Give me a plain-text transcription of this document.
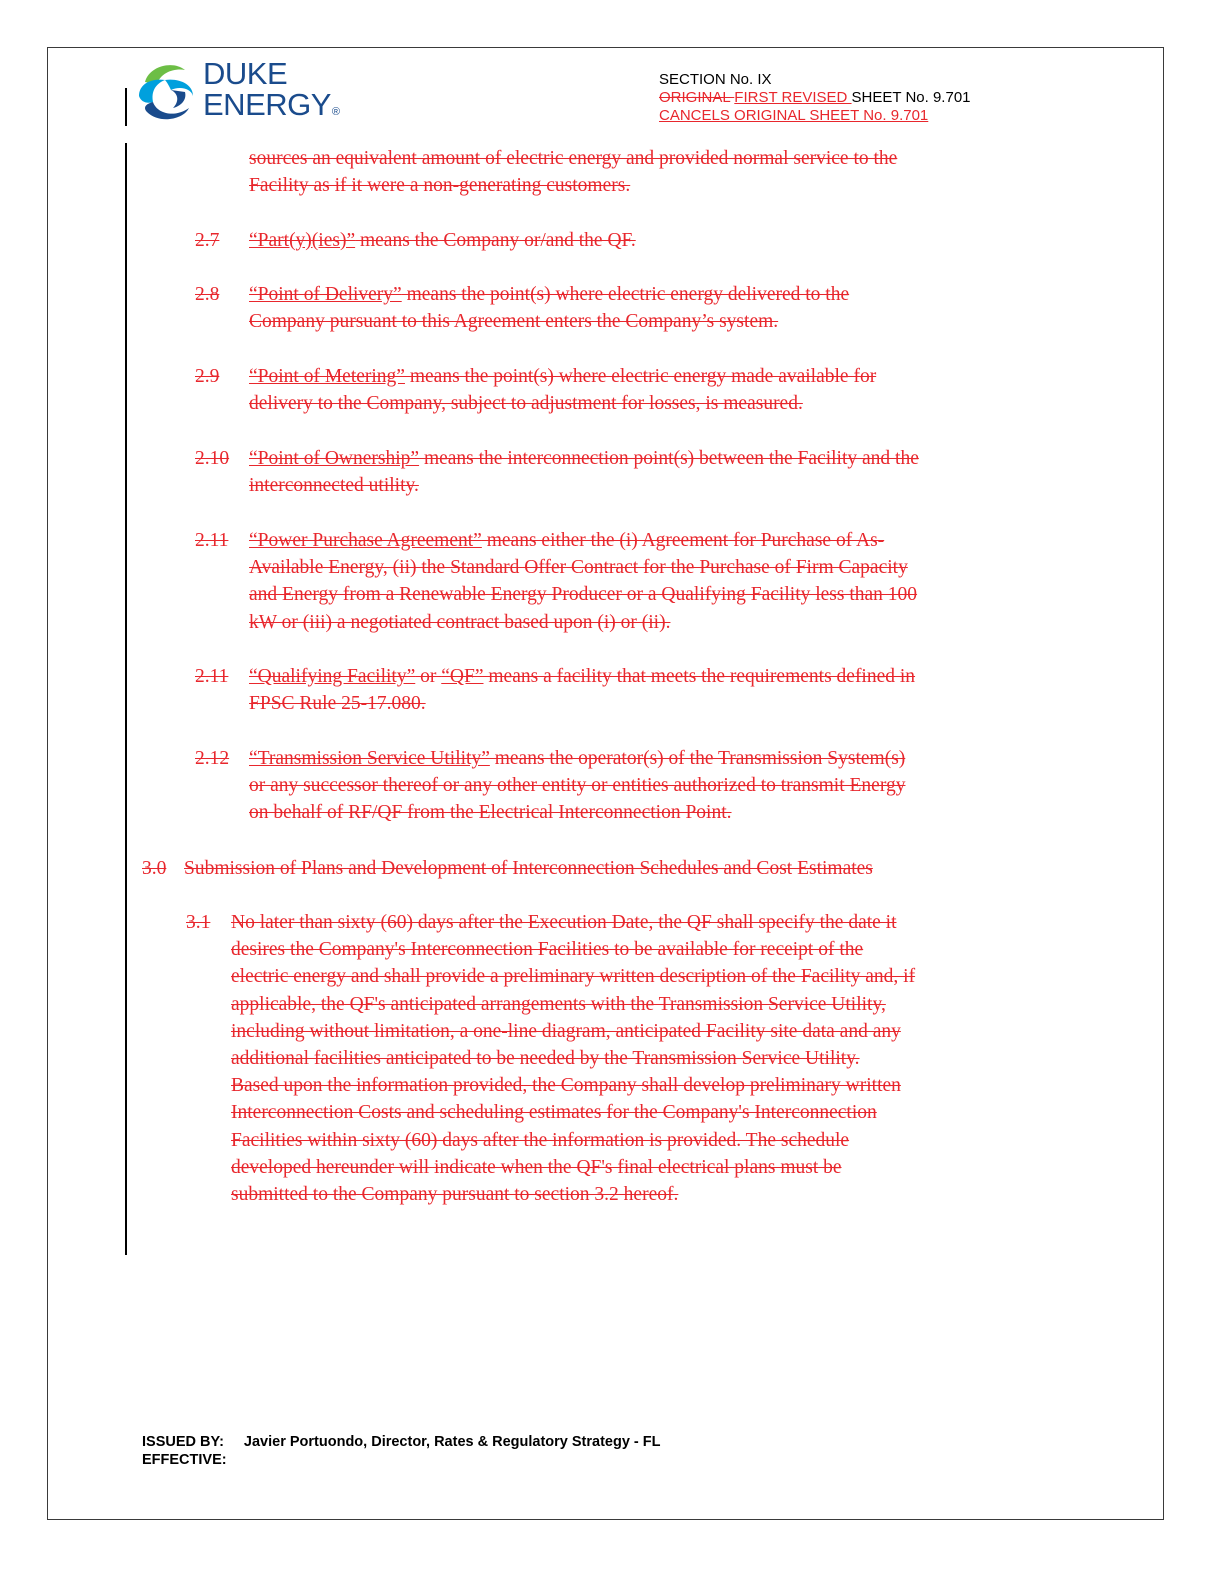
DUKE
ENERGY®
SECTION No. IX
ORIGINAL FIRST REVISED SHEET No. 9.701
CANCELS ORIGINAL SHEET No. 9.701
sources an equivalent amount of electric energy and provided normal service to the
Facility as if it were a non-generating customers.
2.7 “Part(y)(ies)” means the Company or/and the QF.
2.8 “Point of Delivery” means the point(s) where electric energy delivered to the
Company pursuant to this Agreement enters the Company’s system.
2.9 “Point of Metering” means the point(s) where electric energy made available for
delivery to the Company, subject to adjustment for losses, is measured.
2.10 “Point of Ownership” means the interconnection point(s) between the Facility and the
interconnected utility.
2.11 “Power Purchase Agreement” means either the (i) Agreement for Purchase of As-
Available Energy, (ii) the Standard Offer Contract for the Purchase of Firm Capacity
and Energy from a Renewable Energy Producer or a Qualifying Facility less than 100
kW or (iii) a negotiated contract based upon (i) or (ii).
2.11 “Qualifying Facility” or “QF” means a facility that meets the requirements defined in
FPSC Rule 25-17.080.
2.12 “Transmission Service Utility” means the operator(s) of the Transmission System(s)
or any successor thereof or any other entity or entities authorized to transmit Energy
on behalf of RF/QF from the Electrical Interconnection Point.
3.0 Submission of Plans and Development of Interconnection Schedules and Cost Estimates
3.1 No later than sixty (60) days after the Execution Date, the QF shall specify the date it
desires the Company's Interconnection Facilities to be available for receipt of the
electric energy and shall provide a preliminary written description of the Facility and, if
applicable, the QF's anticipated arrangements with the Transmission Service Utility,
including without limitation, a one-line diagram, anticipated Facility site data and any
additional facilities anticipated to be needed by the Transmission Service Utility.
Based upon the information provided, the Company shall develop preliminary written
Interconnection Costs and scheduling estimates for the Company's Interconnection
Facilities within sixty (60) days after the information is provided. The schedule
developed hereunder will indicate when the QF's final electrical plans must be
submitted to the Company pursuant to section 3.2 hereof.
ISSUED BY: Javier Portuondo, Director, Rates & Regulatory Strategy - FL
EFFECTIVE:
